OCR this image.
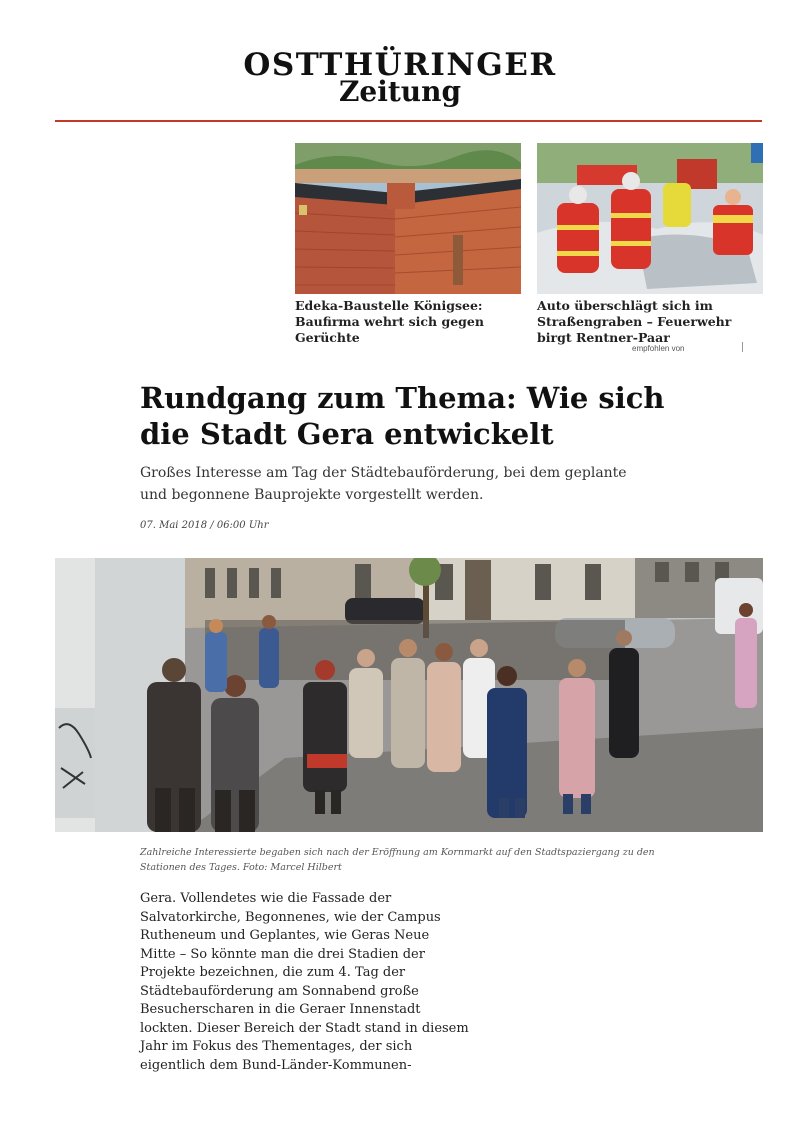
OSTTHÜRINGER
Zeitung
Edeka-Baustelle Königsee: Baufirma wehrt sich gegen Gerüchte
Auto überschlägt sich im Straßengraben – Feuerwehr birgt Rentner-Paar
empfohlen von
Rundgang zum Thema: Wie sich die Stadt Gera entwickelt

Großes Interesse am Tag der Städtebauförderung, bei dem geplante und begonnene Bauprojekte vorgestellt werden.

07. Mai 2018 / 06:00 Uhr

Zahlreiche Interessierte begaben sich nach der Eröffnung am Kornmarkt auf den Stadtspaziergang zu den Stationen des Tages. Foto: Marcel Hilbert

Gera. Vollendetes wie die Fassade der
Salvatorkirche, Begonnenes, wie der Campus
Rutheneum und Geplantes, wie Geras Neue
Mitte – So könnte man die drei Stadien der
Projekte bezeichnen, die zum 4. Tag der
Städtebauförderung am Sonnabend große
Besucherscharen in die Geraer Innenstadt
lockten. Dieser Bereich der Stadt stand in diesem
Jahr im Fokus des Thementages, der sich
eigentlich dem Bund-Länder-Kommunen-
